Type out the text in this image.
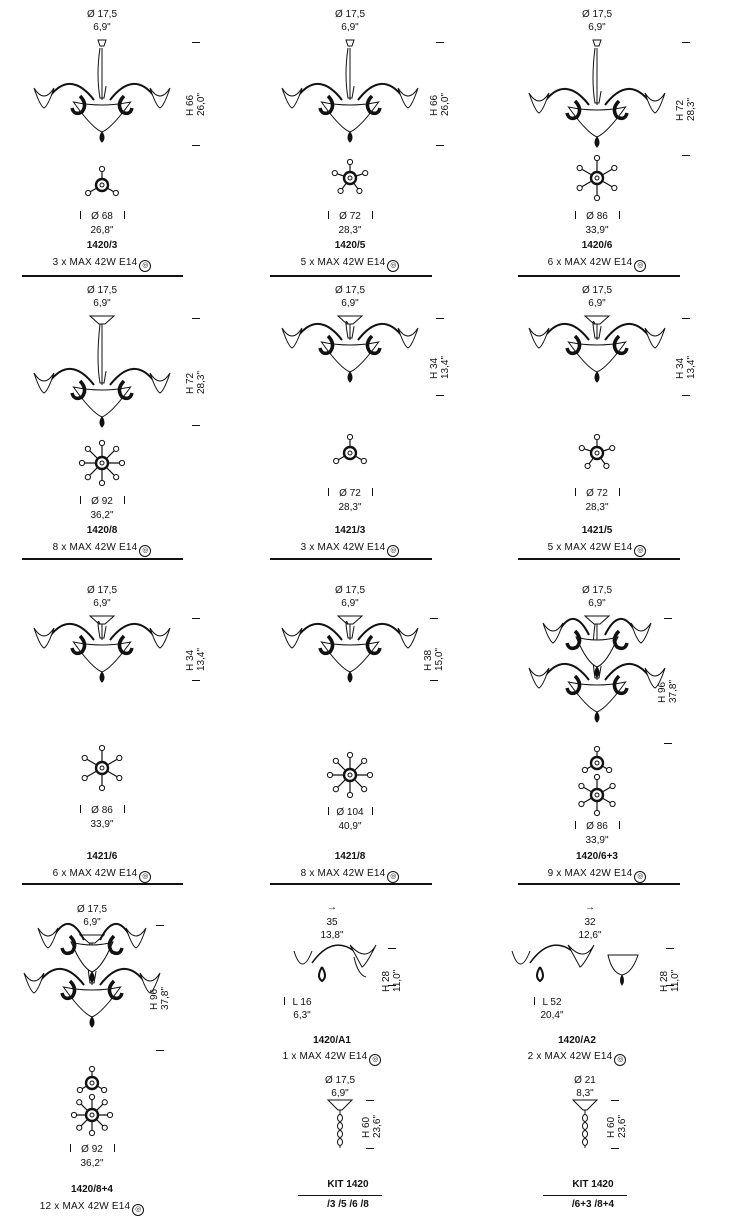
Ø 17,5
6,9"
H 66
26,0"
Ø 68
26,8"
1420/3
3 x MAX 42W E14 ◎
Ø 17,5
6,9"
H 66
26,0"
Ø 72
28,3"
1420/5
5 x MAX 42W E14 ◎
Ø 17,5
6,9"
H 72
28,3"
Ø 86
33,9"
1420/6
6 x MAX 42W E14 ◎
Ø 17,5
6,9"
H 72
28,3"
Ø 92
36,2"
1420/8
8 x MAX 42W E14 ◎
Ø 17,5
6,9"
H 34
13,4"
Ø 72
28,3"
1421/3
3 x MAX 42W E14 ◎
Ø 17,5
6,9"
H 34
13,4"
Ø 72
28,3"
1421/5
5 x MAX 42W E14 ◎
Ø 17,5
6,9"
H 34
13,4"
Ø 86
33,9"
1421/6
6 x MAX 42W E14 ◎
Ø 17,5
6,9"
H 38
15,0"
Ø 104
40,9"
1421/8
8 x MAX 42W E14 ◎
Ø 17,5
6,9"
H 96
37,8"
Ø 86
33,9"
1420/6+3
9 x MAX 42W E14 ◎
Ø 17,5
6,9"
H 96
37,8"
Ø 92
36,2"
1420/8+4
12 x MAX 42W E14 ◎
→
35
13,8"
H 28
11,0"
L 16
6,3"
1420/A1
1 x MAX 42W E14 ◎
→
32
12,6"
H 28
11,0"
L 52
20,4"
1420/A2
2 x MAX 42W E14 ◎
Ø 17,5
6,9"
H 60
23,6"
KIT 1420
/3 /5 /6 /8
Ø 21
8,3"
H 60
23,6"
KIT 1420
/6+3 /8+4
